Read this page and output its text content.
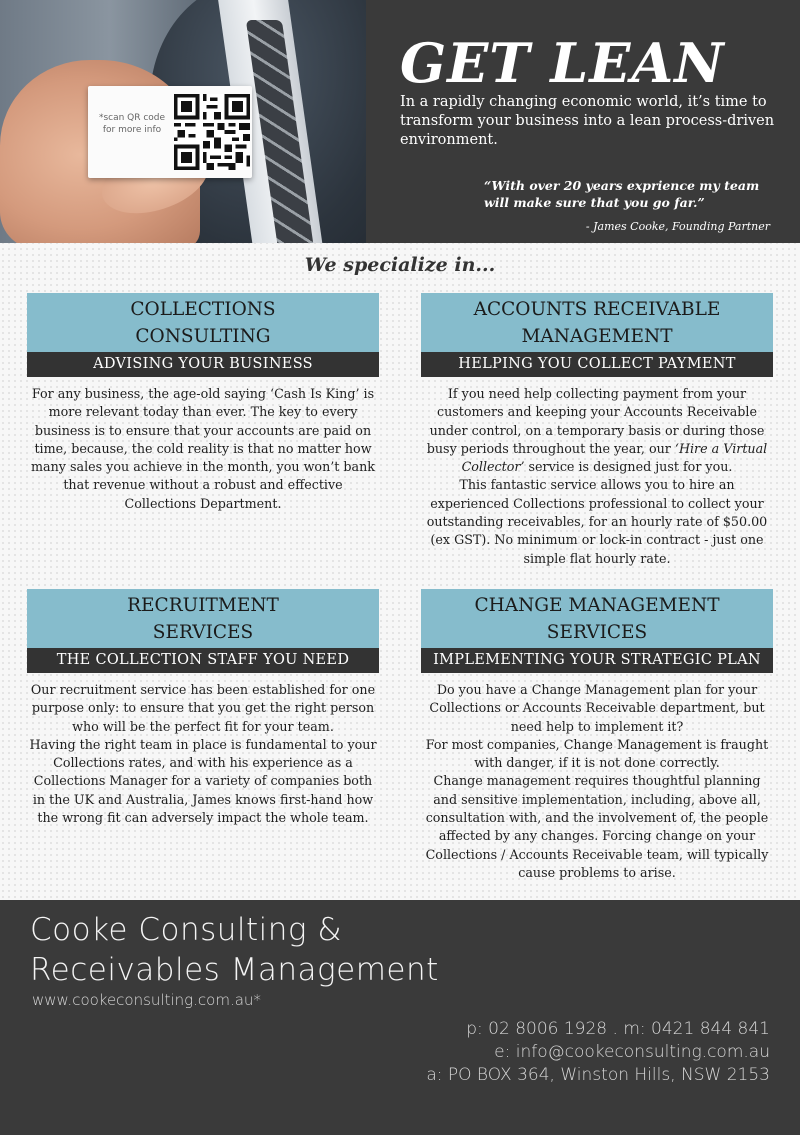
*scan QR code for more info
GET LEAN
In a rapidly changing economic world, it’s time to transform your business into a lean process-driven environment.
“With over 20 years exprience my team will make sure that you go far.”
- James Cooke, Founding Partner
We specialize in...
COLLECTIONS
CONSULTING
ADVISING YOUR BUSINESS

For any business, the age-old saying ‘Cash Is King’ is more relevant today than ever. The key to every business is to ensure that your accounts are paid on time, because, the cold reality is that no matter how many sales you achieve in the month, you won’t bank that revenue without a robust and effective Collections Department.

ACCOUNTS RECEIVABLE
MANAGEMENT
HELPING YOU COLLECT PAYMENT

If you need help collecting payment from your customers and keeping your Accounts Receivable under control, on a temporary basis or during those busy periods throughout the year, our ‘Hire a Virtual Collector’ service is designed just for you.

This fantastic service allows you to hire an experienced Collections professional to collect your outstanding receivables, for an hourly rate of $50.00 (ex GST). No minimum or lock-in contract - just one simple flat hourly rate.

RECRUITMENT
SERVICES
THE COLLECTION STAFF YOU NEED

Our recruitment service has been established for one purpose only: to ensure that you get the right person who will be the perfect fit for your team.

Having the right team in place is fundamental to your Collections rates, and with his experience as a Collections Manager for a variety of companies both in the UK and Australia, James knows first-hand how the wrong fit can adversely impact the whole team.

CHANGE MANAGEMENT
SERVICES
IMPLEMENTING YOUR STRATEGIC PLAN

Do you have a Change Management plan for your Collections or Accounts Receivable department, but need help to implement it?

For most companies, Change Management is fraught with danger, if it is not done correctly.

Change management requires thoughtful planning and sensitive implementation, including, above all, consultation with, and the involvement of, the people affected by any changes. Forcing change on your Collections / Accounts Receivable team, will typically cause problems to arise.

Cooke Consulting &
Receivables Management
www.cookeconsulting.com.au*
p: 02 8006 1928 . m: 0421 844 841
e: info@cookeconsulting.com.au
a: PO BOX 364, Winston Hills, NSW 2153
